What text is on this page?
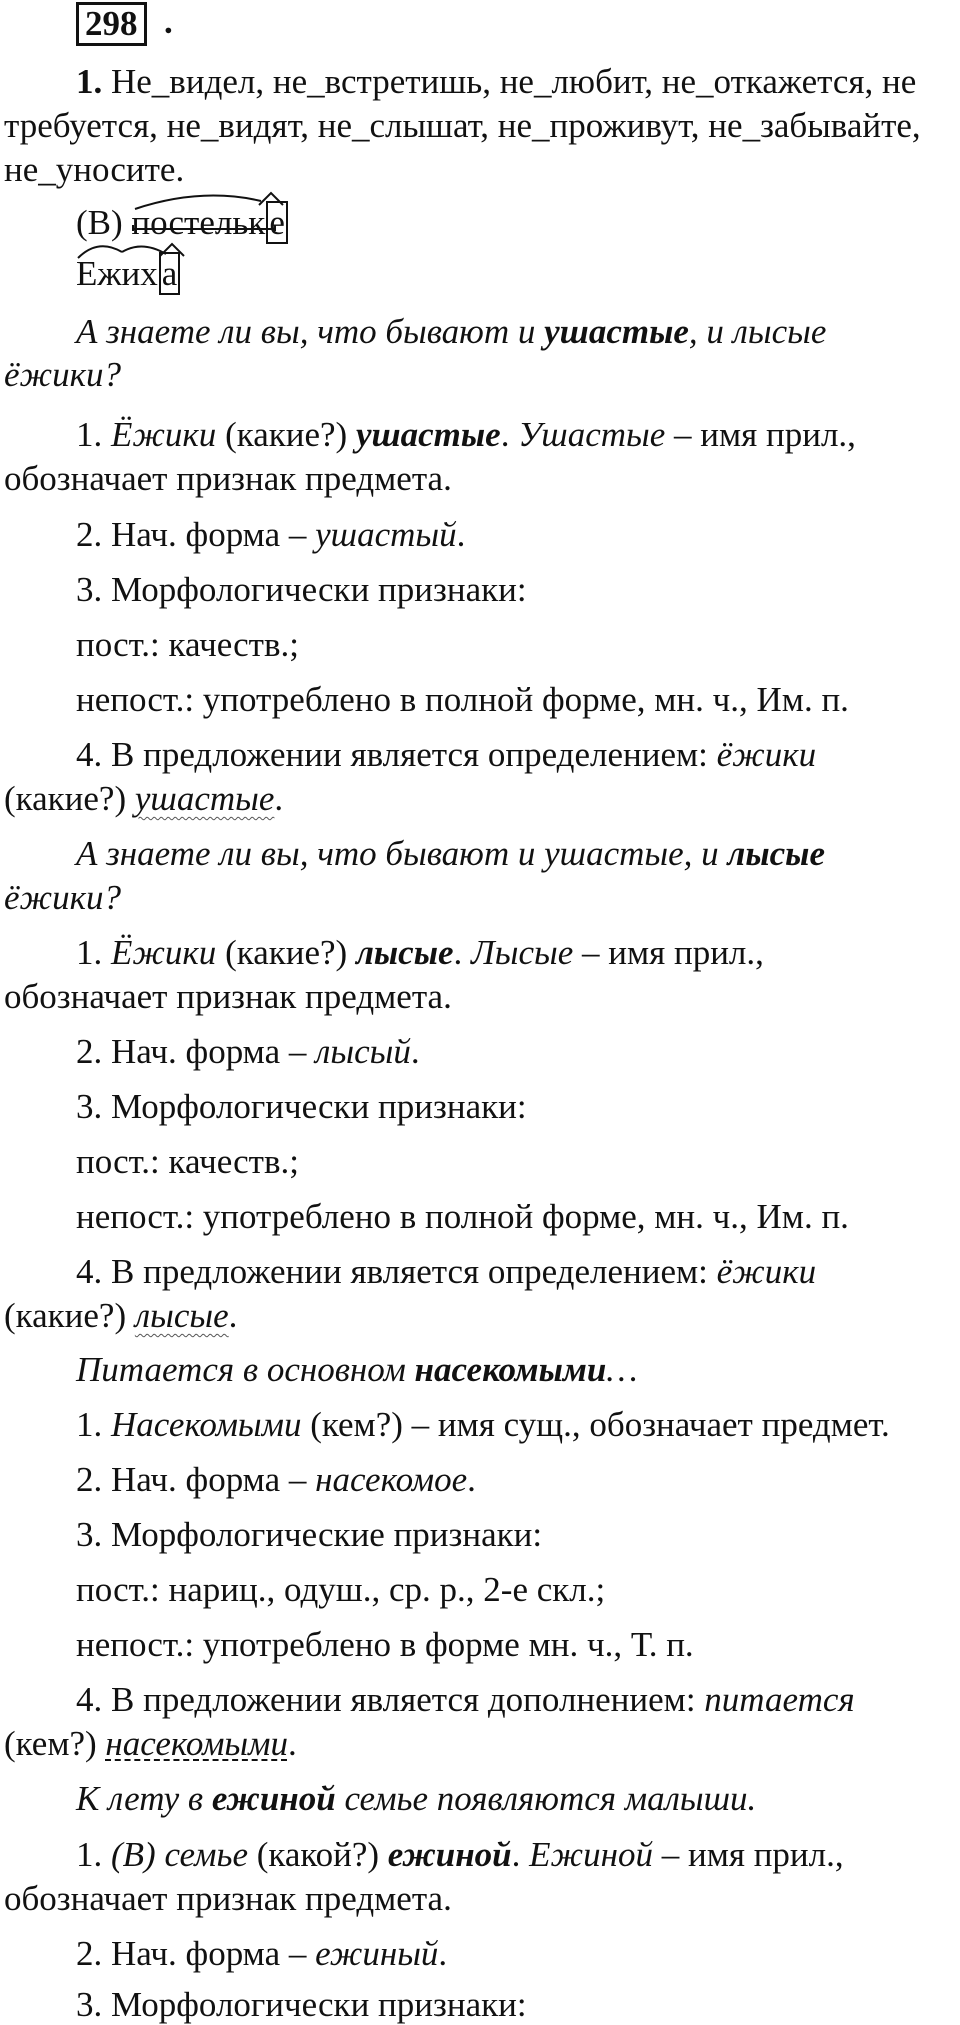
298 .
1. Не_видел, не_встретишь, не_любит, не_откажется, не
требуется, не_видят, не_слышат, не_проживут, не_забывайте,
не_уносите.
(В) постельк е
Ежих а
А знаете ли вы, что бывают и ушастые, и лысые
ёжики?
1. Ёжики (какие?) ушастые. Ушастые – имя прил.,
обозначает признак предмета.
2. Нач. форма – ушастый.
3. Морфологически признаки:
пост.: качеств.;
непост.: употреблено в полной форме, мн. ч., Им. п.
4. В предложении является определением: ёжики
(какие?) ушастые.
А знаете ли вы, что бывают и ушастые, и лысые
ёжики?
1. Ёжики (какие?) лысые. Лысые – имя прил.,
обозначает признак предмета.
2. Нач. форма – лысый.
3. Морфологически признаки:
пост.: качеств.;
непост.: употреблено в полной форме, мн. ч., Им. п.
4. В предложении является определением: ёжики
(какие?) лысые.
Питается в основном насекомыми…
1. Насекомыми (кем?) – имя сущ., обозначает предмет.
2. Нач. форма – насекомое.
3. Морфологические признаки:
пост.: нариц., одуш., ср. р., 2-е скл.;
непост.: употреблено в форме мн. ч., Т. п.
4. В предложении является дополнением: питается
(кем?) насекомыми.
К лету в ежиной семье появляются малыши.
1. (В) семье (какой?) ежиной. Ежиной – имя прил.,
обозначает признак предмета.
2. Нач. форма – ежиный.
3. Морфологически признаки:
